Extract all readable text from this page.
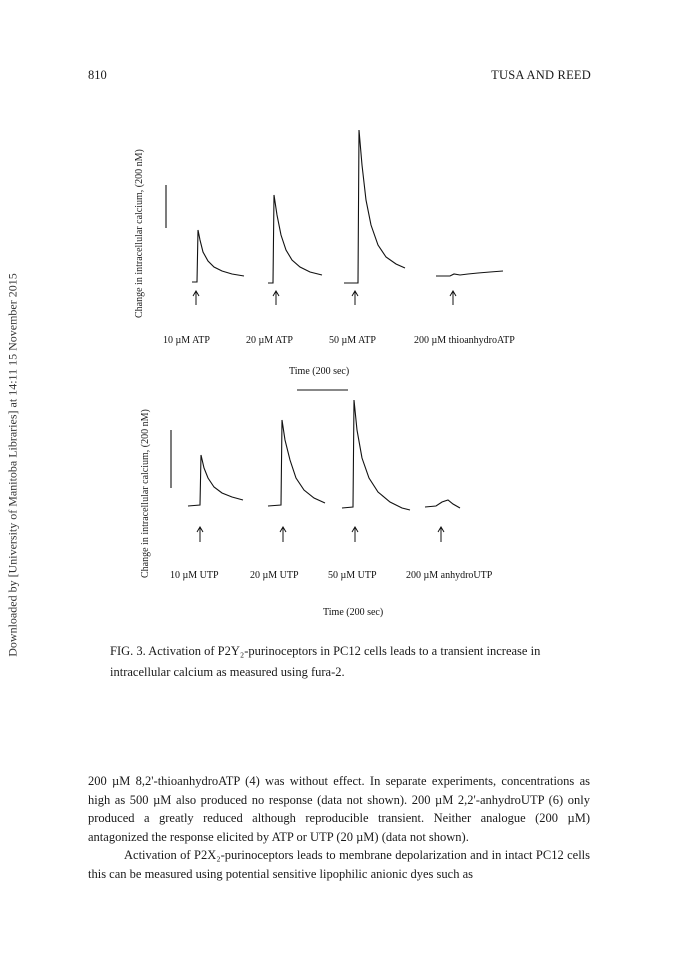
810	TUSA AND REED
Downloaded by [University of Manitoba Libraries] at 14:11 15 November 2015
Change in intracellular calcium, (200 nM)
Change in intracellular calcium, (200 nM)
10 µM ATP	20 µM ATP	50 µM ATP	200 µM thioanhydroATP
Time (200 sec)
10 µM UTP	20 µM UTP	50 µM UTP	200 µM anhydroUTP
Time (200 sec)
FIG. 3. Activation of P2Y₂-purinoceptors in PC12 cells leads to a transient increase in
intracellular calcium as measured using fura-2.

200 µM 8,2'-thioanhydroATP (4) was without effect. In separate experiments, concentrations as high as 500 µM also produced no response (data not shown). 200 µM 2,2'-anhydroUTP (6) only produced a greatly reduced although reproducible transient. Neither analogue (200 µM) antagonized the response elicited by ATP or UTP (20 µM) (data not shown).

Activation of P2X₂-purinoceptors leads to membrane depolarization and in intact PC12 cells this can be measured using potential sensitive lipophilic anionic dyes such as
